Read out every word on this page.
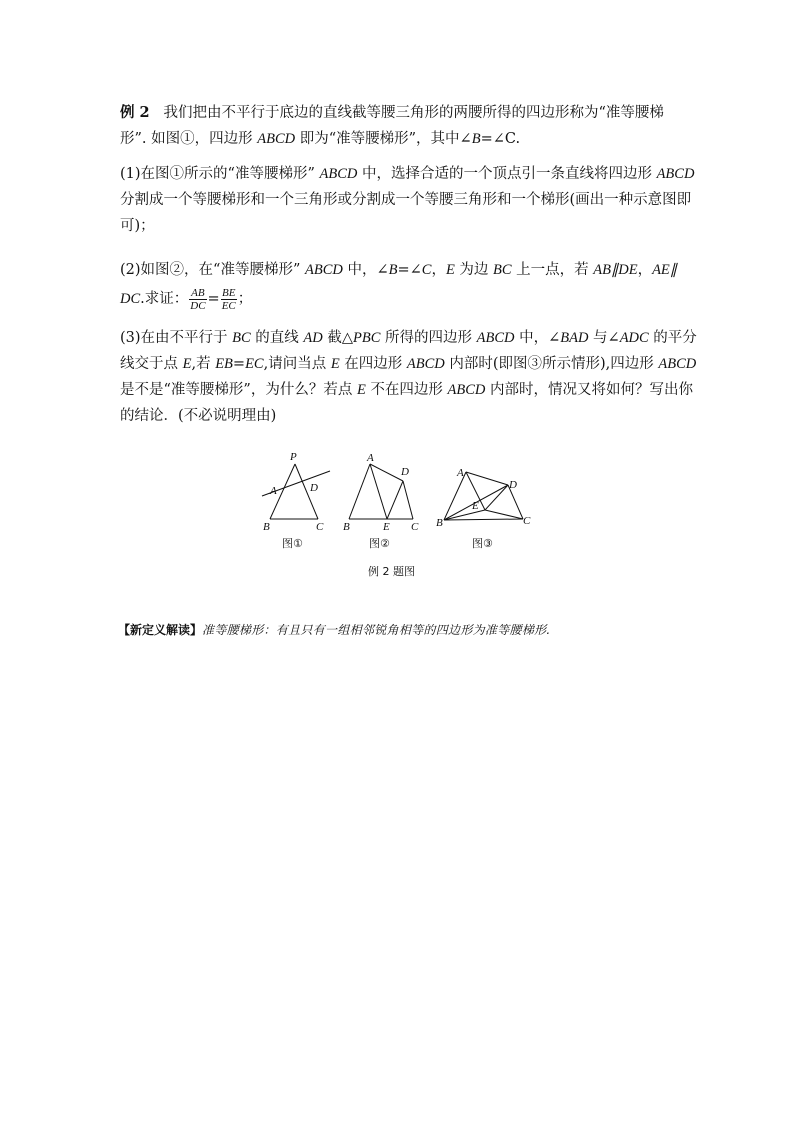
例 2 我们把由不平行于底边的直线截等腰三角形的两腰所得的四边形称为“准等腰梯
形”. 如图①，四边形 ABCD 即为“准等腰梯形”，其中∠B=∠C.
(1)在图①所示的“准等腰梯形” ABCD 中，选择合适的一个顶点引一条直线将四边形 ABCD
分割成一个等腰梯形和一个三角形或分割成一个等腰三角形和一个梯形(画出一种示意图即
可)；
(2)如图②，在“准等腰梯形” ABCD 中，∠B=∠C，E 为边 BC 上一点，若 AB∥DE，AE∥
DC.求证： $\frac{AB}{DC} = \frac{BE}{EC}$ ；
(3)在由不平行于 BC 的直线 AD 截△PBC 所得的四边形 ABCD 中，∠BAD 与∠ADC 的平分
线交于点 E,若 EB=EC,请问当点 E 在四边形 ABCD 内部时(即图③所示情形),四边形 ABCD
是不是“准等腰梯形”，为什么？若点 E 不在四边形 ABCD 内部时，情况又将如何？写出你
的结论．(不必说明理由)
P
A	D
B	C
图①
A
D
B	E C
图②
A
D
E
B	C
图③
例 2 题图
【新定义解读】准等腰梯形：有且只有一组相邻锐角相等的四边形为准等腰梯形.
